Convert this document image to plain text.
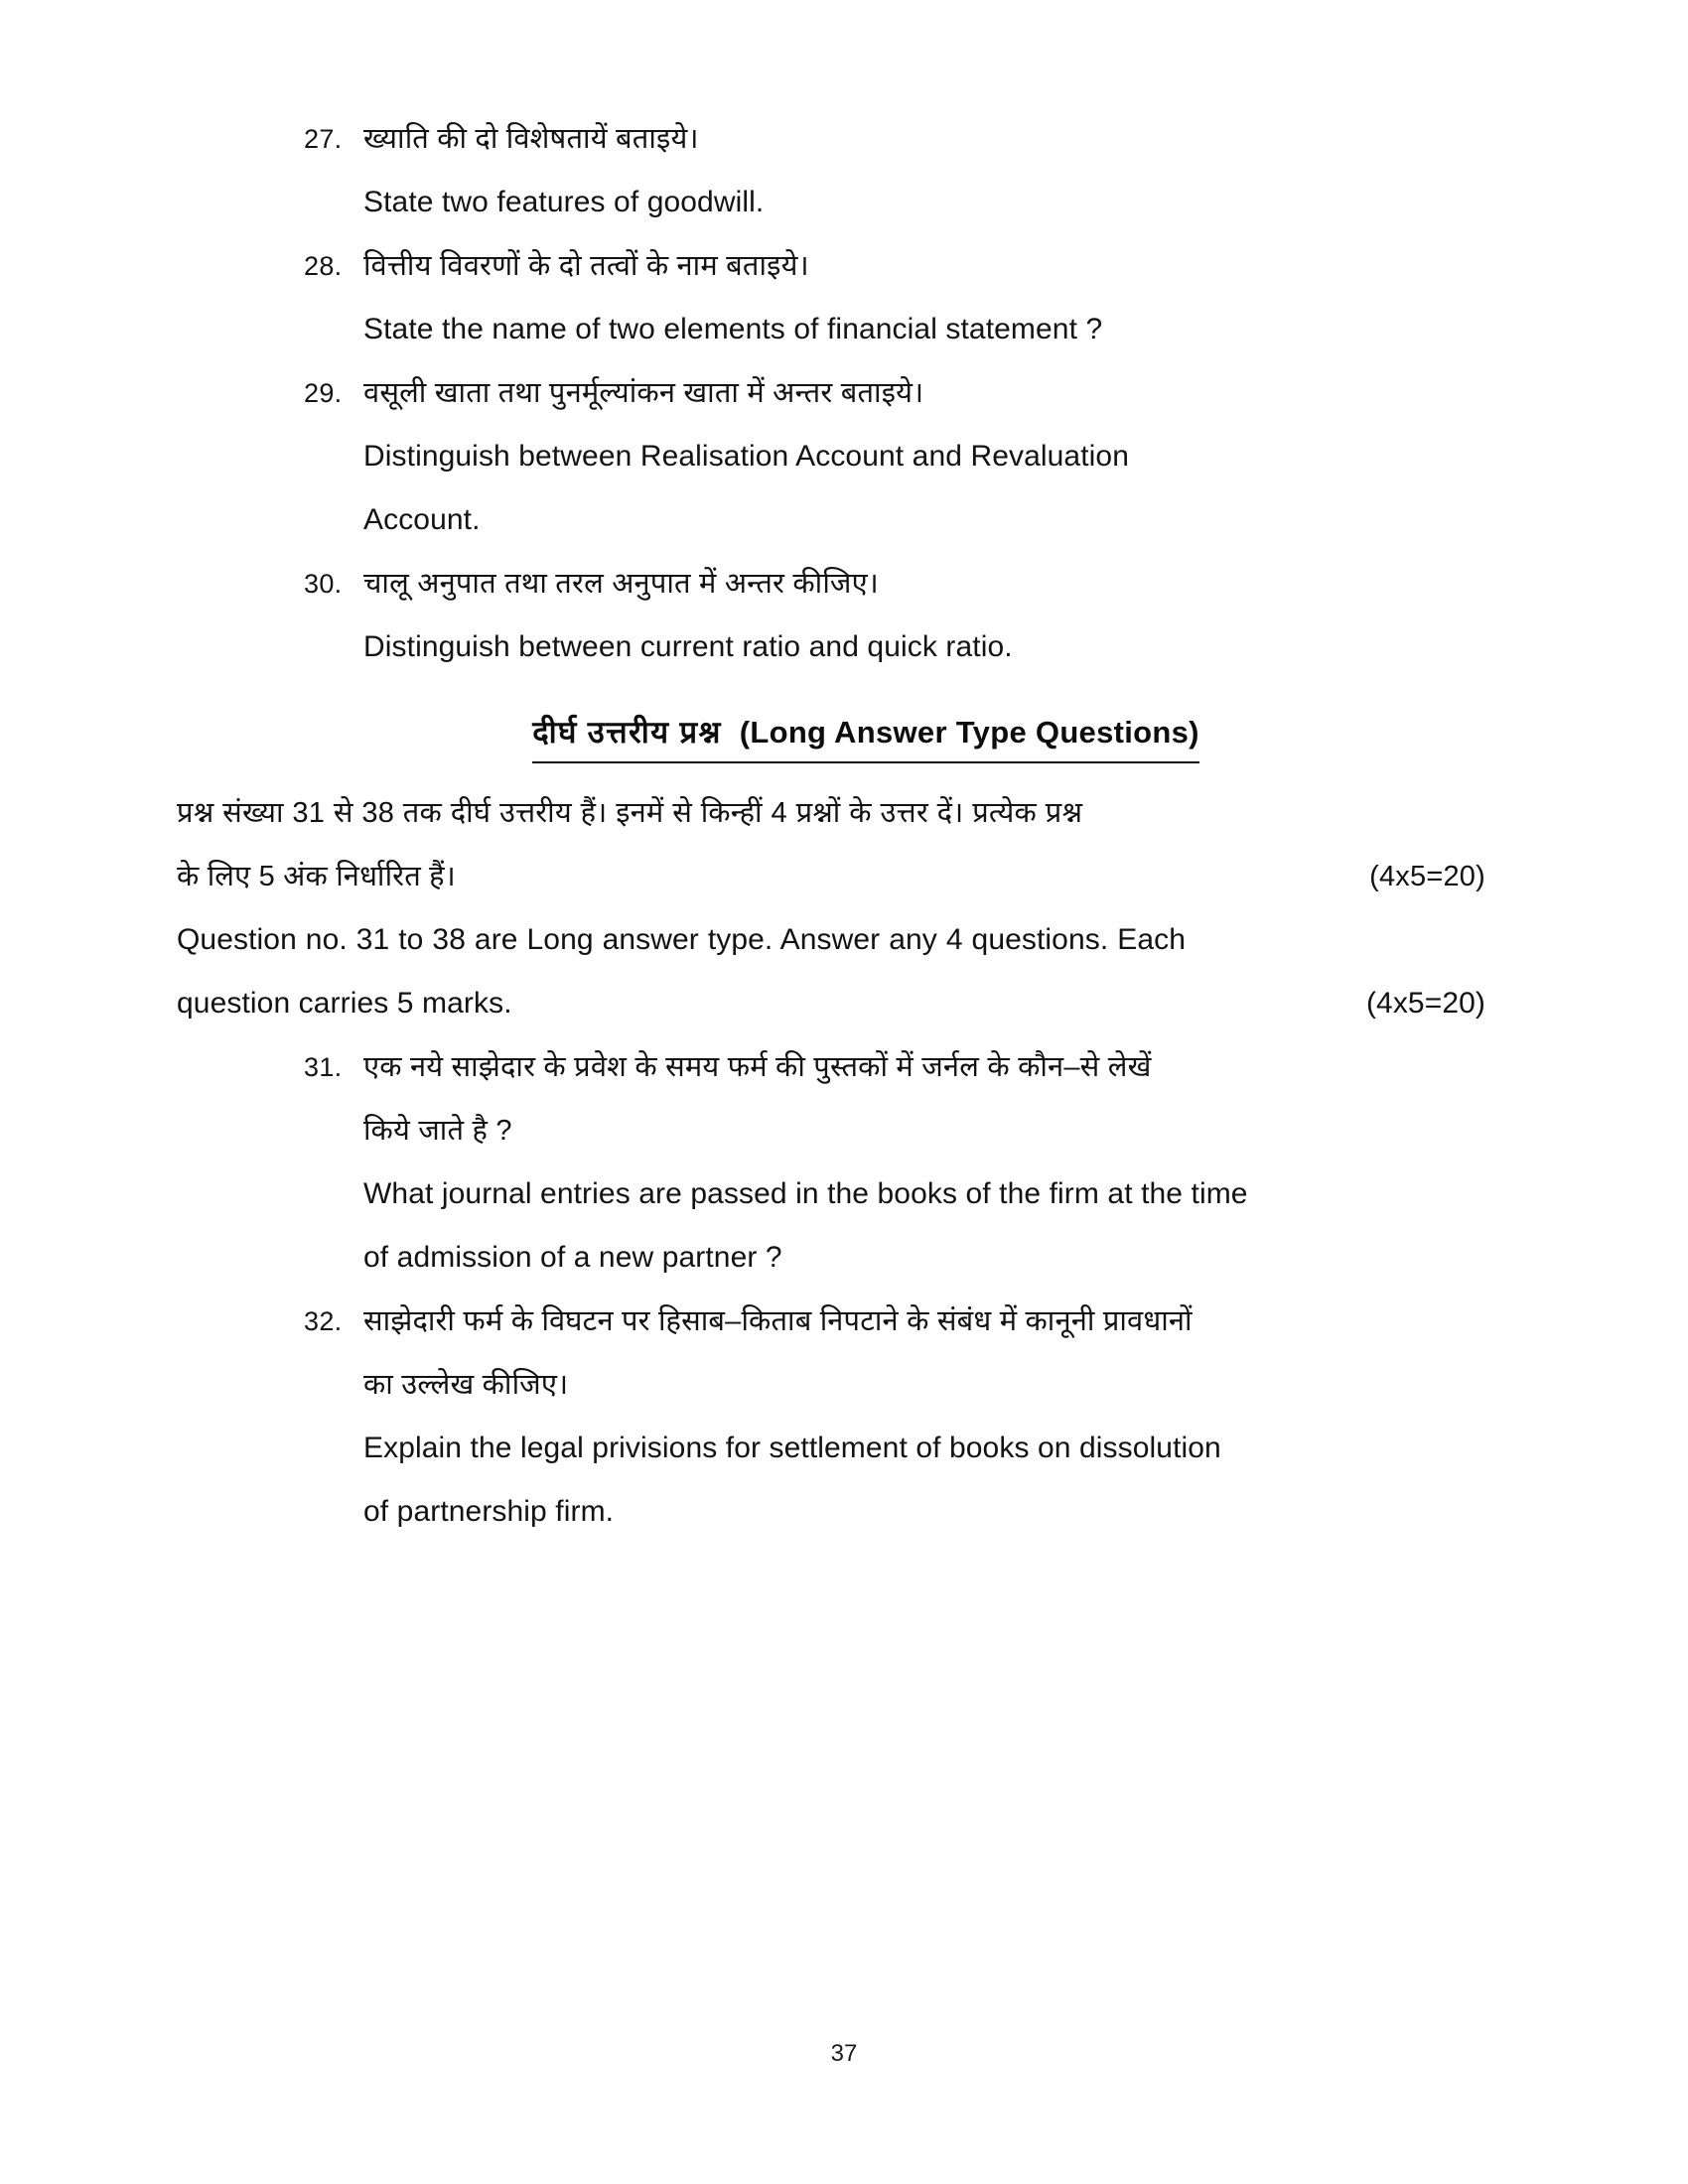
27. ख्याति की दो विशेषतायें बताइये।

State two features of goodwill.

28. वित्तीय विवरणों के दो तत्वों के नाम बताइये।

State the name of two elements of financial statement ?

29. वसूली खाता तथा पुनर्मूल्यांकन खाता में अन्तर बताइये।

Distinguish between Realisation Account and Revaluation

Account.

30. चालू अनुपात तथा तरल अनुपात में अन्तर कीजिए।

Distinguish between current ratio and quick ratio.

दीर्घ उत्तरीय प्रश्न (Long Answer Type Questions)

प्रश्न संख्या 31 से 38 तक दीर्घ उत्तरीय हैं। इनमें से किन्हीं 4 प्रश्नों के उत्तर दें। प्रत्येक प्रश्न

के लिए 5 अंक निर्धारित हैं।	(4x5=20)

Question no. 31 to 38 are Long answer type. Answer any 4 questions. Each

question carries 5 marks.	(4x5=20)
31. एक नये साझेदार के प्रवेश के समय फर्म की पुस्तकों में जर्नल के कौन–से लेखें

किये जाते है ?

What journal entries are passed in the books of the firm at the time

of admission of a new partner ?

32. साझेदारी फर्म के विघटन पर हिसाब–किताब निपटाने के संबंध में कानूनी प्रावधानों

का उल्लेख कीजिए।

Explain the legal privisions for settlement of books on dissolution

of partnership firm.

37
